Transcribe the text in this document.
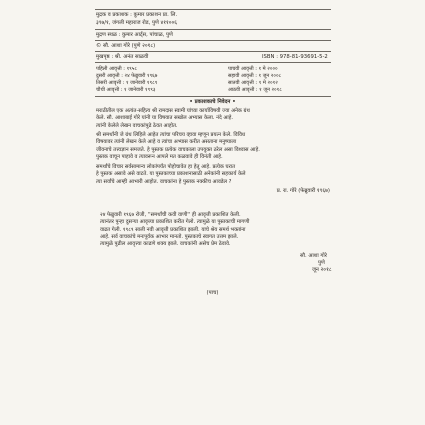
मुद्रक व प्रकाशक : कुमार प्रकाशन प्रा. लि.
३९७/१, जंगली महाराज रोड, पुणे ४११००६
मुद्रण स्थळ : कुमार आर्ट्स, पांचाळ, पुणे
© सौ. आशा गोरे (पुणे २०१८)
मुखपृष्ठ : श्री. अनंत साळवी	ISBN : 978-81-93691-5-2
पहिली आवृत्ती : १९५८
दुसरी आवृत्ती : २४ फेब्रुवारी १९६७
तिसरी आवृत्ती : १ जानेवारी १९८९
चौथी आवृत्ती : १ जानेवारी १९९३
पाचवी आवृत्ती : १ मे २०००
सहावी आवृत्ती : १ जून २००८
सातवी आवृत्ती : १ मे २०१२
आठवी आवृत्ती : १ जून २०१८
• प्रकाशकाचे निवेदन •
मराठीतील एक अत्यंत-सहित्य श्री रामदास स्वामी यांच्या कार्याविषयी ज्या अनेक ग्रंथ
केले. सौ. आशाबाई गोरे यांनी या विषयात सखोल अभ्यास केला. नंदे आहे.
त्यांनी केलेले लेखन वाचकांपुढे ठेवत आहोत.
श्री समर्थांनी जे ग्रंथ लिहिले आहेत त्यांचा परिचय व्हावा म्हणून प्रयत्न केले. विविध
विषयावर त्यांनी लेखन केले आहे व त्यांचा अभ्यास करीत असताना मनुष्याला
जीवनाचे तत्त्वज्ञान समजते. हे पुस्तक प्रत्येक वाचकाला उपयुक्त ठरेल असा विश्वास आहे.
पुस्तक वाचून पाहावे व त्यावरून आपले मत कळवावे ही विनंती आहे.
समर्थांचे विचार सर्वसामान्य लोकांपर्यंत पोहोचावेत हा हेतू आहे. प्रत्येक घरात
हे पुस्तक असावे असे वाटते. या पुस्तकाच्या प्रकाशनासाठी अनेकांनी सहकार्य केले
त्या सर्वांचे आम्ही आभारी आहोत. वाचकांना हे पुस्तक नक्कीच आवडेल ?
प्र. रा. गोरे (फेब्रुवारी १९६७)
२४ फेब्रुवारी १९६७ रोजी, ''समर्थांची कवी वाणी'' ही आवृत्ती प्रकाशित केली.
त्यानंतर पुन्हा दुसऱ्या आवृत्त्या प्रकाशित करीत गेलो. त्यामुळे या पुस्तकाची मागणी
वाढत गेली. १९८९ साली नवी आवृत्ती प्रकाशित झाली. याचे श्रेय समर्थ भक्तांना
आहे. सर्व वाचकांचे मनःपूर्वक आभार मानतो. पुस्तकाचे स्वागत उत्तम झाले.
त्यामुळे पुढील आवृत्त्या काढणे शक्य झाले. वाचकांनी असेच प्रेम ठेवावे.
सौ. आशा गोरे
पुणे
जून २०१८
(पाच)
